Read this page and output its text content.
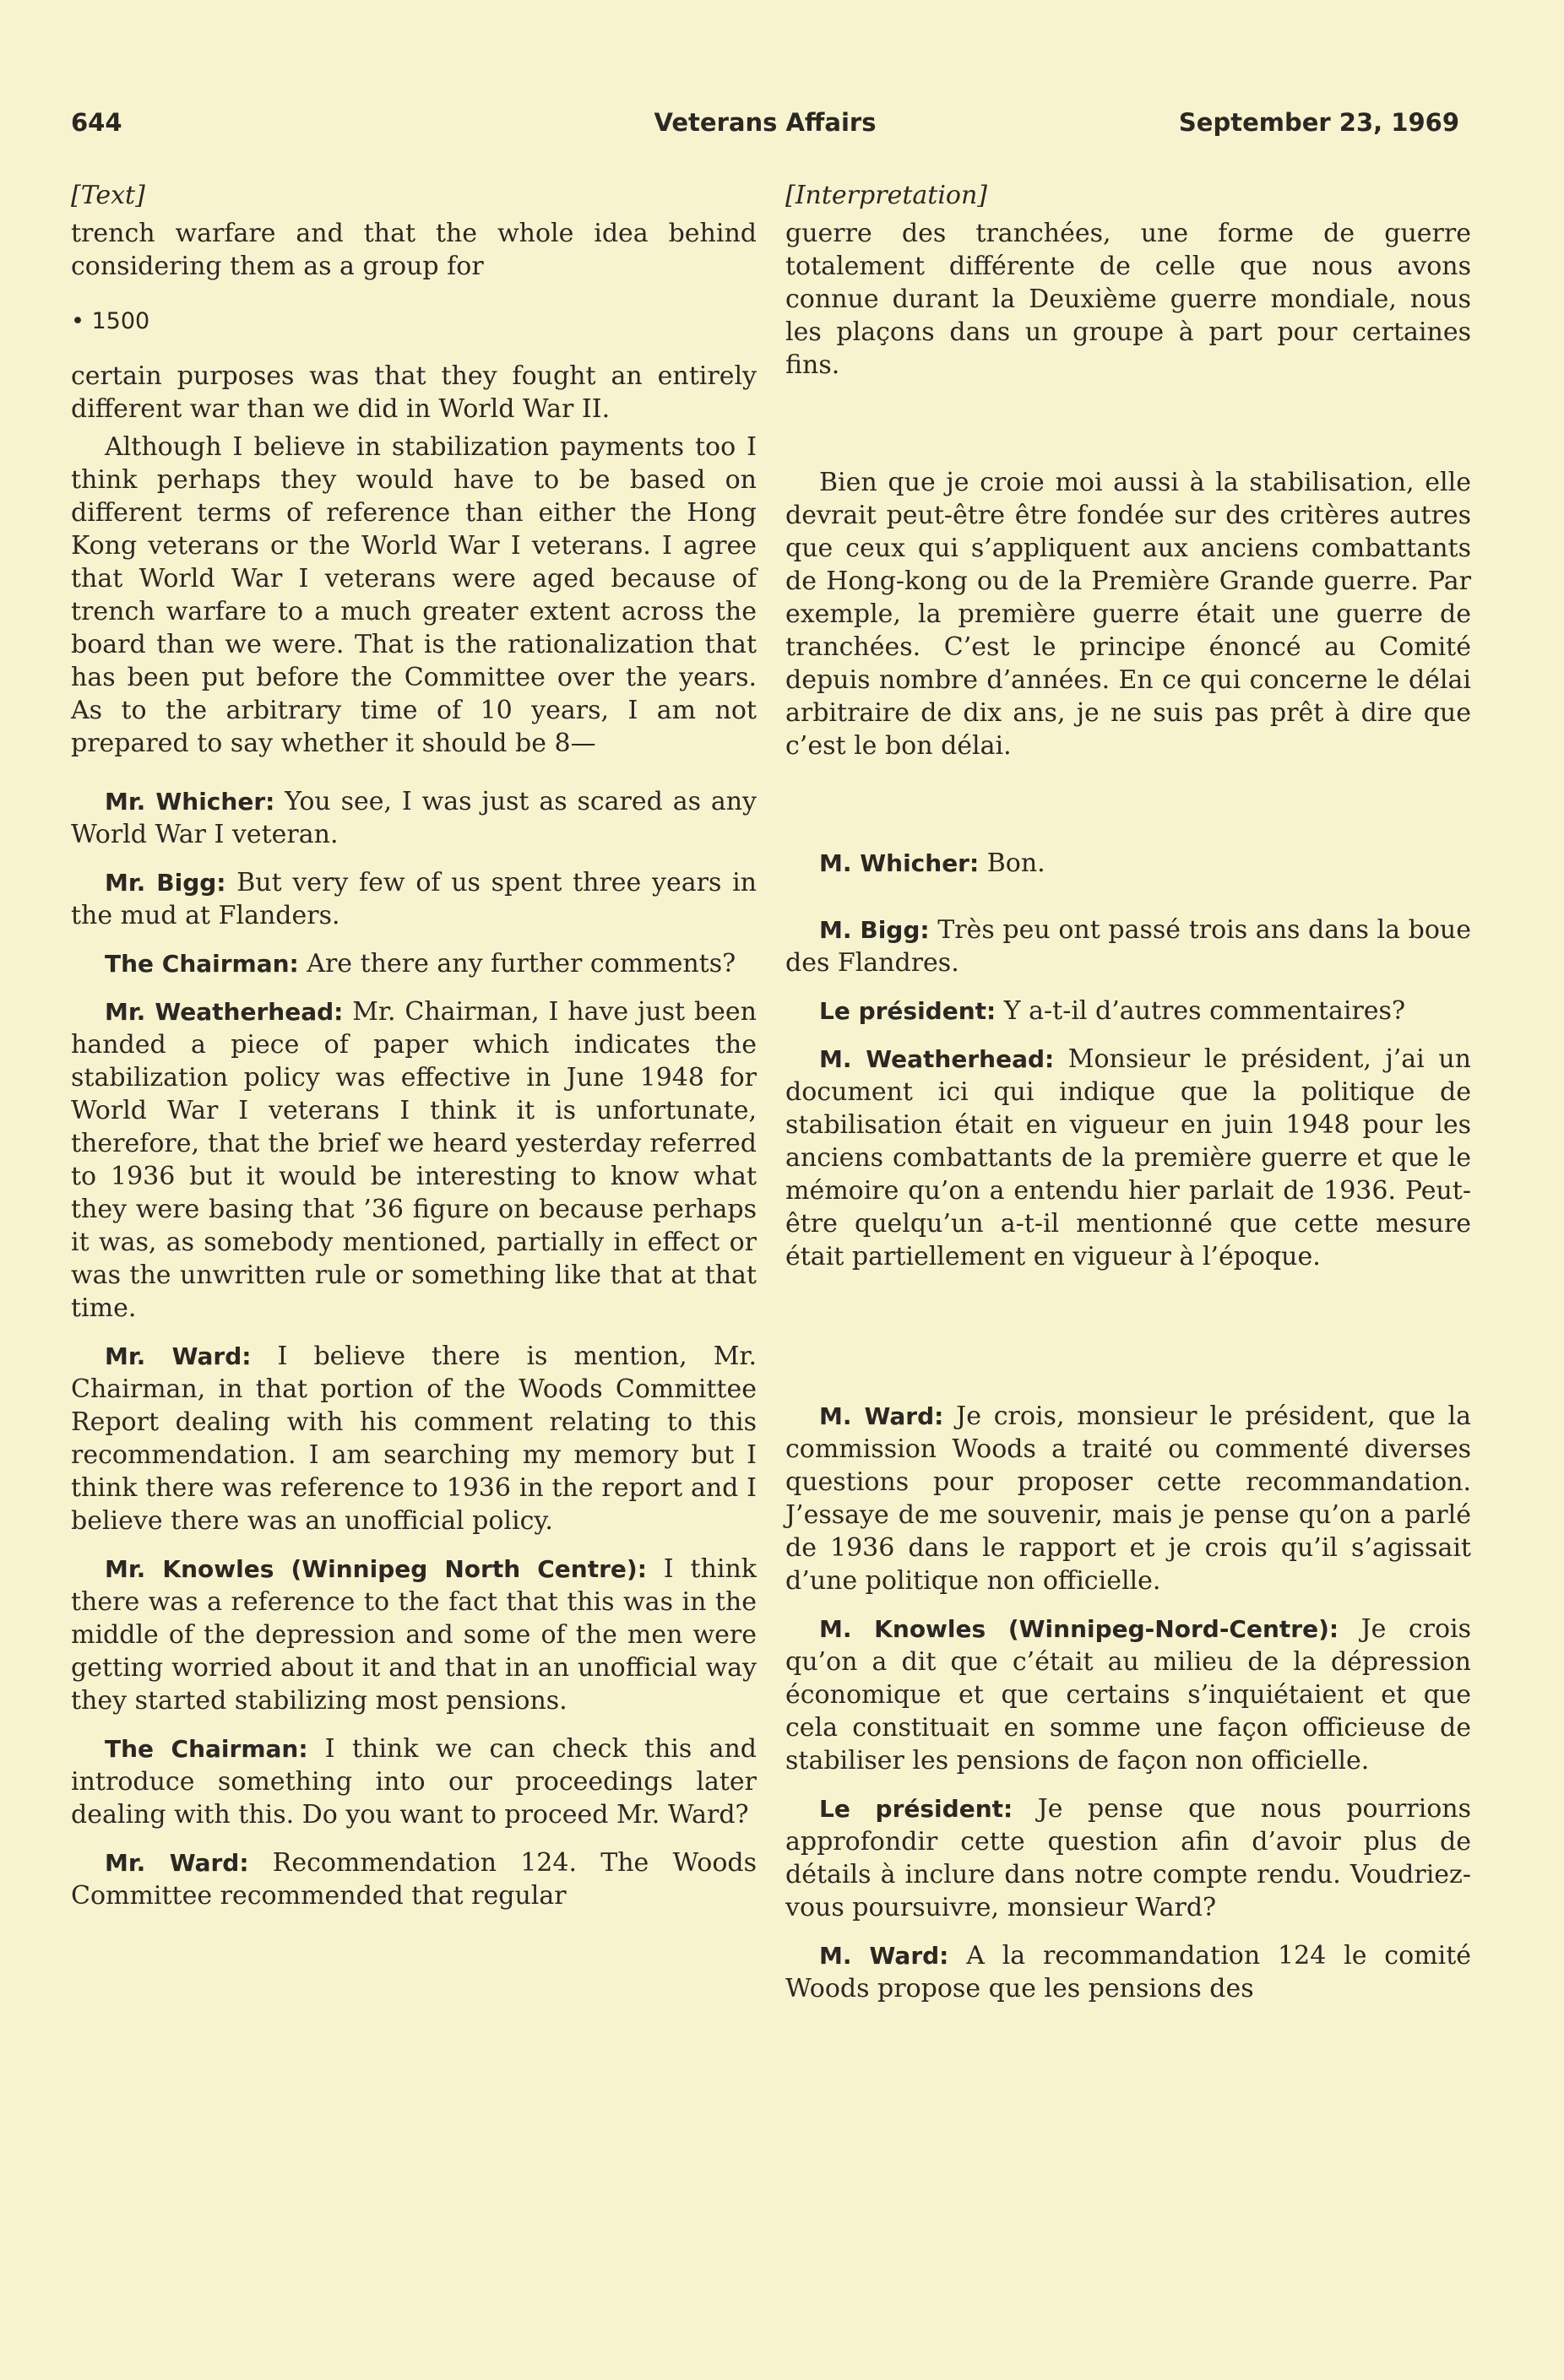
644	Veterans Affairs	September 23, 1969
[Text]

trench warfare and that the whole idea behind considering them as a group for

• 1500

certain purposes was that they fought an entirely different war than we did in World War II.

Although I believe in stabilization payments too I think perhaps they would have to be based on different terms of reference than either the Hong Kong veterans or the World War I veterans. I agree that World War I veterans were aged because of trench warfare to a much greater extent across the board than we were. That is the rationalization that has been put before the Committee over the years. As to the arbitrary time of 10 years, I am not prepared to say whether it should be 8—

Mr. Whicher: You see, I was just as scared as any World War I veteran.

Mr. Bigg: But very few of us spent three years in the mud at Flanders.

The Chairman: Are there any further comments?

Mr. Weatherhead: Mr. Chairman, I have just been handed a piece of paper which indicates the stabilization policy was effective in June 1948 for World War I veterans I think it is unfortunate, therefore, that the brief we heard yesterday referred to 1936 but it would be interesting to know what they were basing that ’36 figure on because perhaps it was, as somebody mentioned, partially in effect or was the unwritten rule or something like that at that time.

Mr. Ward: I believe there is mention, Mr. Chairman, in that portion of the Woods Committee Report dealing with his comment relating to this recommendation. I am searching my memory but I think there was reference to 1936 in the report and I believe there was an unofficial policy.

Mr. Knowles (Winnipeg North Centre): I think there was a reference to the fact that this was in the middle of the depression and some of the men were getting worried about it and that in an unofficial way they started stabilizing most pensions.

The Chairman: I think we can check this and introduce something into our proceedings later dealing with this. Do you want to proceed Mr. Ward?

Mr. Ward: Recommendation 124. The Woods Committee recommended that regular

[Interpretation]

guerre des tranchées, une forme de guerre totalement différente de celle que nous avons connue durant la Deuxième guerre mondiale, nous les plaçons dans un groupe à part pour certaines fins.

Bien que je croie moi aussi à la stabilisation, elle devrait peut-être être fondée sur des critères autres que ceux qui s’appliquent aux anciens combattants de Hong-kong ou de la Première Grande guerre. Par exemple, la première guerre était une guerre de tranchées. C’est le principe énoncé au Comité depuis nombre d’années. En ce qui concerne le délai arbitraire de dix ans, je ne suis pas prêt à dire que c’est le bon délai.

M. Whicher: Bon.

M. Bigg: Très peu ont passé trois ans dans la boue des Flandres.

Le président: Y a-t-il d’autres commentaires?

M. Weatherhead: Monsieur le président, j’ai un document ici qui indique que la politique de stabilisation était en vigueur en juin 1948 pour les anciens combattants de la première guerre et que le mémoire qu’on a entendu hier parlait de 1936. Peut-être quelqu’un a-t-il mentionné que cette mesure était partiellement en vigueur à l’époque.

M. Ward: Je crois, monsieur le président, que la commission Woods a traité ou commenté diverses questions pour proposer cette recommandation. J’essaye de me souvenir, mais je pense qu’on a parlé de 1936 dans le rapport et je crois qu’il s’agissait d’une politique non officielle.

M. Knowles (Winnipeg-Nord-Centre): Je crois qu’on a dit que c’était au milieu de la dépression économique et que certains s’inquiétaient et que cela constituait en somme une façon officieuse de stabiliser les pensions de façon non officielle.

Le président: Je pense que nous pourrions approfondir cette question afin d’avoir plus de détails à inclure dans notre compte rendu. Voudriez-vous poursuivre, monsieur Ward?

M. Ward: A la recommandation 124 le comité Woods propose que les pensions des
